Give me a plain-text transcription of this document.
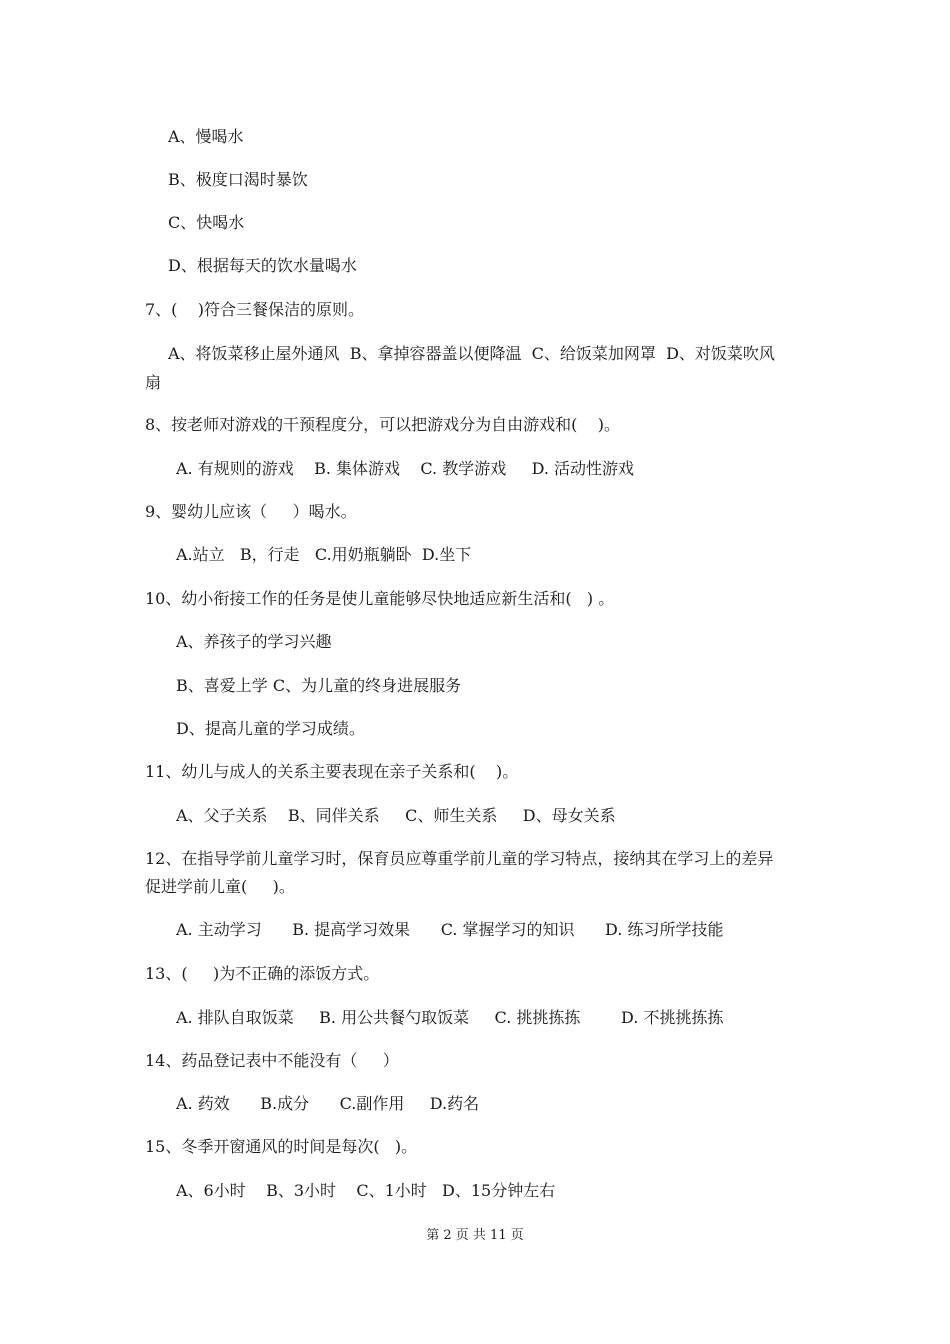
A、慢喝水
B、极度口渴时暴饮
C、快喝水
D、根据每天的饮水量喝水
7、(    )符合三餐保洁的原则。
A、将饭菜移止屋外通风  B、拿掉容器盖以便降温  C、给饭菜加网罩  D、对饭菜吹风
扇
8、按老师对游戏的干预程度分，可以把游戏分为自由游戏和(    )。
A. 有规则的游戏    B. 集体游戏    C. 教学游戏     D. 活动性游戏
9、婴幼儿应该（     ）喝水。
A.站立   B，行走   C.用奶瓶躺卧  D.坐下
10、幼小衔接工作的任务是使儿童能够尽快地适应新生活和(   ) 。
A、养孩子的学习兴趣
B、喜爱上学 C、为儿童的终身进展服务
D、提高儿童的学习成绩。
11、幼儿与成人的关系主要表现在亲子关系和(    )。
A、父子关系    B、同伴关系     C、师生关系     D、母女关系
12、在指导学前儿童学习时，保育员应尊重学前儿童的学习特点，接纳其在学习上的差异
促进学前儿童(     )。
A. 主动学习      B. 提高学习效果      C. 掌握学习的知识      D. 练习所学技能
13、(     )为不正确的添饭方式。
A. 排队自取饭菜     B. 用公共餐勺取饭菜     C. 挑挑拣拣        D. 不挑挑拣拣
14、药品登记表中不能没有（     ）
A. 药效      B.成分      C.副作用     D.药名
15、冬季开窗通风的时间是每次(   )。
A、6小时    B、3小时    C、1小时   D、15分钟左右
第 2 页 共 11 页
